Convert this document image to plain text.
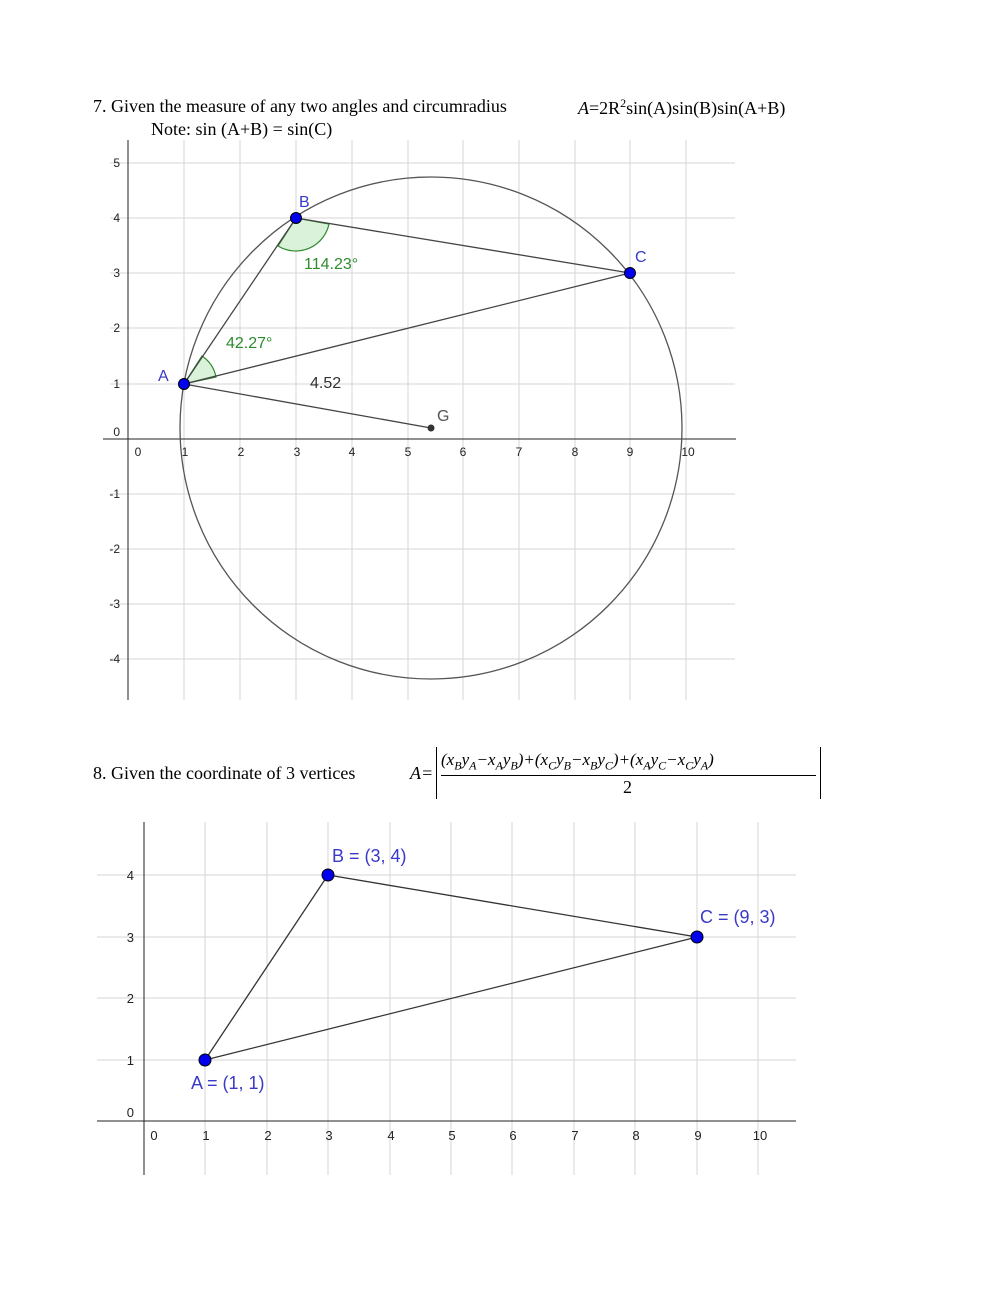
7. Given the measure of any two angles and circumradius	$A=2R^2\sin(A)\sin(B)\sin(A+B)$
Note: sin (A+B) = sin(C)
0	1	2	3	4	5	6	7	8	9	10
5
4
3
2
1
0
-1
-2
-3
-4
A
B
C
G
42.27°
114.23°
4.52
8. Given the coordinate of 3 vertices	A=
$(x_By_A-x_Ay_B)+(x_Cy_B-x_By_C)+(x_Ay_C-x_Cy_A)$
2
0	1	2	3	4	5	6	7	8	9	10
4
3
2
1
0
A = (1, 1)
B = (3, 4)
C = (9, 3)
